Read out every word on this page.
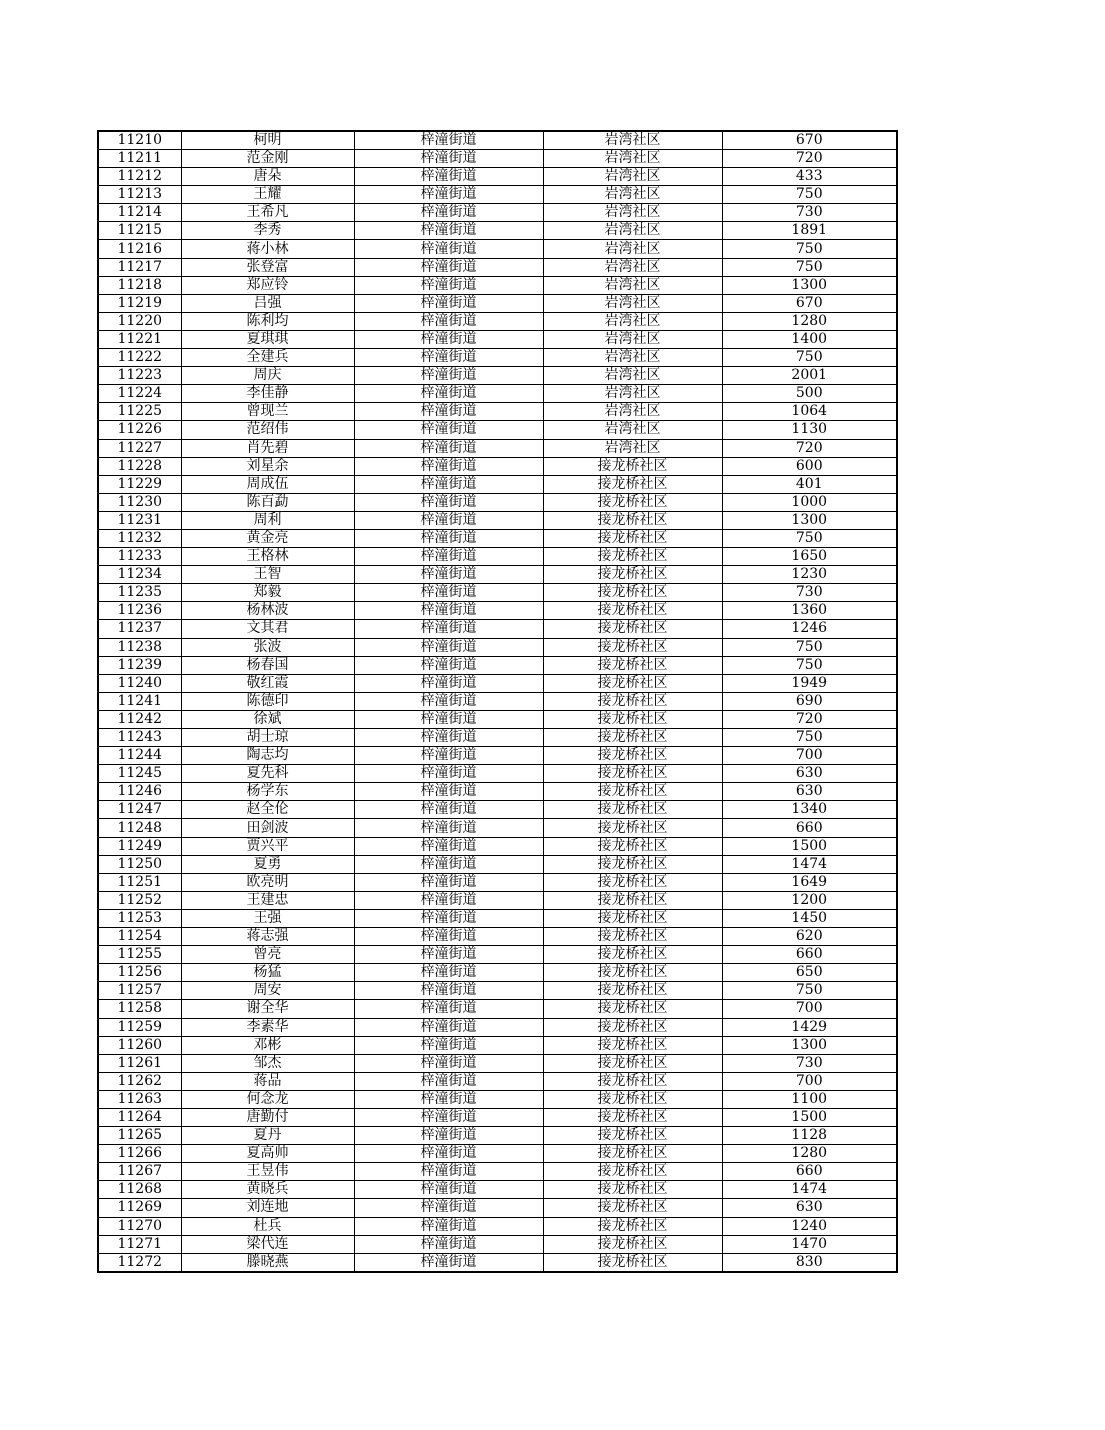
11210	柯明	梓潼街道	岩湾社区	670
11211	范金刚	梓潼街道	岩湾社区	720
11212	唐朵	梓潼街道	岩湾社区	433
11213	王耀	梓潼街道	岩湾社区	750
11214	王希凡	梓潼街道	岩湾社区	730
11215	李秀	梓潼街道	岩湾社区	1891
11216	蒋小林	梓潼街道	岩湾社区	750
11217	张登富	梓潼街道	岩湾社区	750
11218	郑应铃	梓潼街道	岩湾社区	1300
11219	吕强	梓潼街道	岩湾社区	670
11220	陈利均	梓潼街道	岩湾社区	1280
11221	夏琪琪	梓潼街道	岩湾社区	1400
11222	全建兵	梓潼街道	岩湾社区	750
11223	周庆	梓潼街道	岩湾社区	2001
11224	李佳静	梓潼街道	岩湾社区	500
11225	曾现兰	梓潼街道	岩湾社区	1064
11226	范绍伟	梓潼街道	岩湾社区	1130
11227	肖先碧	梓潼街道	岩湾社区	720
11228	刘星余	梓潼街道	接龙桥社区	600
11229	周成伍	梓潼街道	接龙桥社区	401
11230	陈百勐	梓潼街道	接龙桥社区	1000
11231	周利	梓潼街道	接龙桥社区	1300
11232	黄金亮	梓潼街道	接龙桥社区	750
11233	王格林	梓潼街道	接龙桥社区	1650
11234	王智	梓潼街道	接龙桥社区	1230
11235	郑毅	梓潼街道	接龙桥社区	730
11236	杨林波	梓潼街道	接龙桥社区	1360
11237	文其君	梓潼街道	接龙桥社区	1246
11238	张波	梓潼街道	接龙桥社区	750
11239	杨春国	梓潼街道	接龙桥社区	750
11240	敬红霞	梓潼街道	接龙桥社区	1949
11241	陈德印	梓潼街道	接龙桥社区	690
11242	徐斌	梓潼街道	接龙桥社区	720
11243	胡士琼	梓潼街道	接龙桥社区	750
11244	陶志均	梓潼街道	接龙桥社区	700
11245	夏先科	梓潼街道	接龙桥社区	630
11246	杨学东	梓潼街道	接龙桥社区	630
11247	赵全伦	梓潼街道	接龙桥社区	1340
11248	田剑波	梓潼街道	接龙桥社区	660
11249	贾兴平	梓潼街道	接龙桥社区	1500
11250	夏勇	梓潼街道	接龙桥社区	1474
11251	欧亮明	梓潼街道	接龙桥社区	1649
11252	王建忠	梓潼街道	接龙桥社区	1200
11253	王强	梓潼街道	接龙桥社区	1450
11254	蒋志强	梓潼街道	接龙桥社区	620
11255	曾亮	梓潼街道	接龙桥社区	660
11256	杨猛	梓潼街道	接龙桥社区	650
11257	周安	梓潼街道	接龙桥社区	750
11258	谢全华	梓潼街道	接龙桥社区	700
11259	李素华	梓潼街道	接龙桥社区	1429
11260	邓彬	梓潼街道	接龙桥社区	1300
11261	邹杰	梓潼街道	接龙桥社区	730
11262	蒋品	梓潼街道	接龙桥社区	700
11263	何念龙	梓潼街道	接龙桥社区	1100
11264	唐勤付	梓潼街道	接龙桥社区	1500
11265	夏丹	梓潼街道	接龙桥社区	1128
11266	夏高帅	梓潼街道	接龙桥社区	1280
11267	王昱伟	梓潼街道	接龙桥社区	660
11268	黄晓兵	梓潼街道	接龙桥社区	1474
11269	刘连地	梓潼街道	接龙桥社区	630
11270	杜兵	梓潼街道	接龙桥社区	1240
11271	梁代连	梓潼街道	接龙桥社区	1470
11272	滕晓燕	梓潼街道	接龙桥社区	830
